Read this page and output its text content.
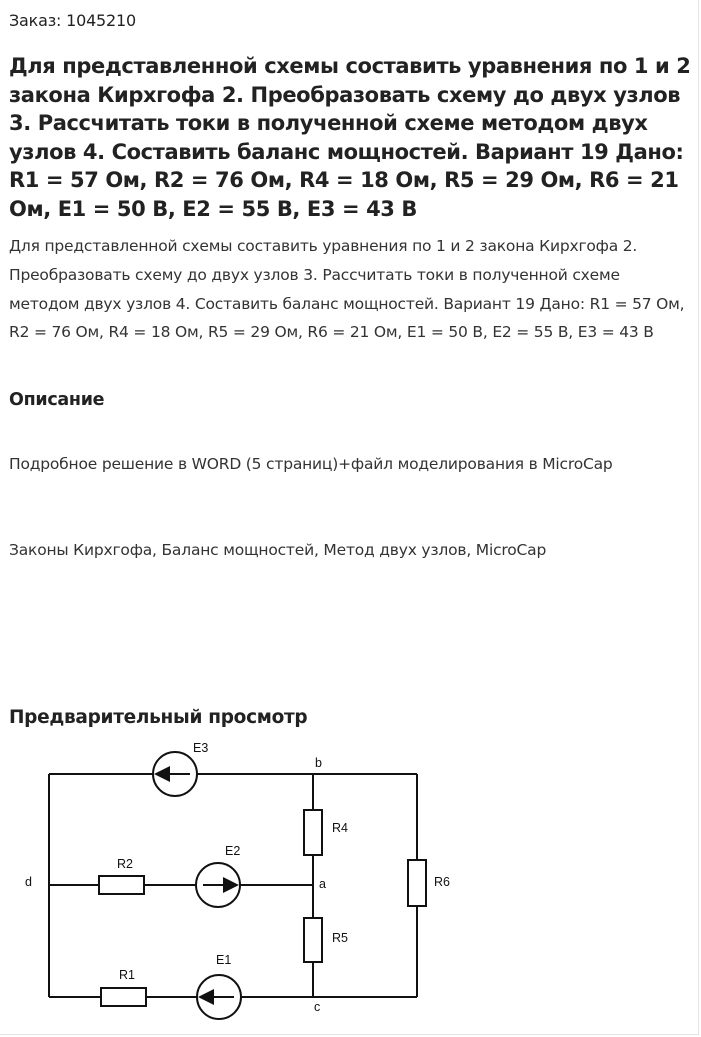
Заказ: 1045210
Для представленной схемы составить уравнения по 1 и 2 закона Кирхгофа 2. Преобразовать схему до двух узлов 3. Рассчитать токи в полученной схеме методом двух узлов 4. Составить баланс мощностей. Вариант 19 Дано: R1 = 57 Ом, R2 = 76 Ом, R4 = 18 Ом, R5 = 29 Ом, R6 = 21 Ом, E1 = 50 В, E2 = 55 В, E3 = 43 В

Для представленной схемы составить уравнения по 1 и 2 закона Кирхгофа 2. Преобразовать схему до двух узлов 3. Рассчитать токи в полученной схеме методом двух узлов 4. Составить баланс мощностей. Вариант 19 Дано: R1 = 57 Ом, R2 = 76 Ом, R4 = 18 Ом, R5 = 29 Ом, R6 = 21 Ом, E1 = 50 В, E2 = 55 В, E3 = 43 В

Описание

Подробное решение в WORD (5 страниц)+файл моделирования в MicroCap

Законы Кирхгофа, Баланс мощностей, Метод двух узлов, MicroCap

Предварительный просмотр
E3
E2
E1
R2
R1
R4
R5
R6
b
a
c
d
